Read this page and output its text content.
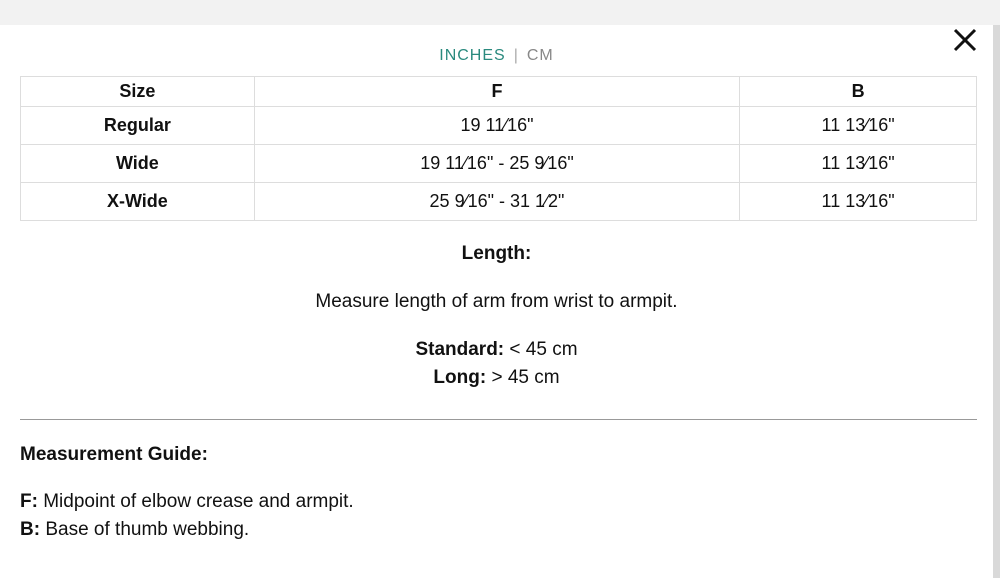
INCHES | CM
Size	F	B
Regular	19 11⁄16"	11 13⁄16"
Wide	19 11⁄16" - 25 9⁄16"	11 13⁄16"
X-Wide	25 9⁄16" - 31 1⁄2"	11 13⁄16"
Length:
Measure length of arm from wrist to armpit.
Standard: < 45 cm
Long: > 45 cm
Measurement Guide:
F: Midpoint of elbow crease and armpit.
B: Base of thumb webbing.
